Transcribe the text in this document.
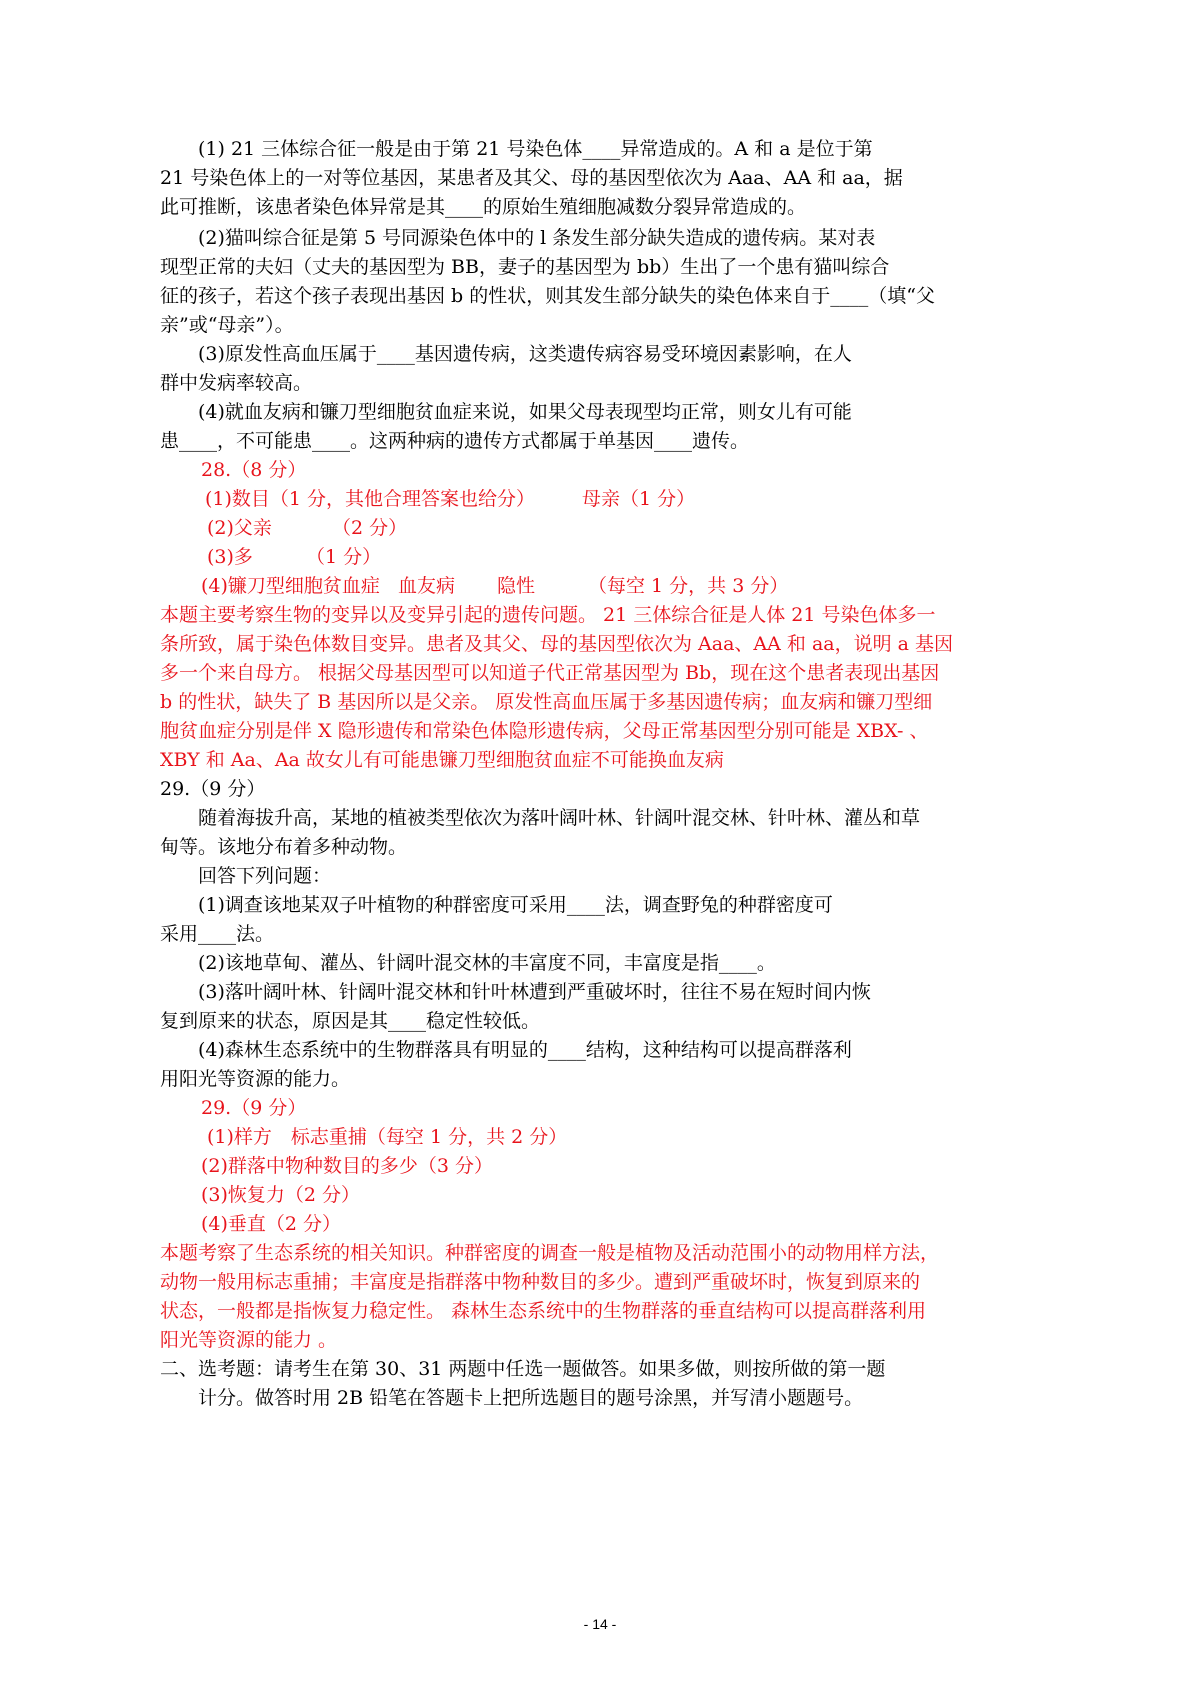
(1) 21 三体综合征一般是由于第 21 号染色体____异常造成的。A 和 a 是位于第
21 号染色体上的一对等位基因，某患者及其父、母的基因型依次为 Aaa、AA 和 aa，据
此可推断，该患者染色体异常是其____的原始生殖细胞减数分裂异常造成的。
(2)猫叫综合征是第 5 号同源染色体中的 l 条发生部分缺失造成的遗传病。某对表
现型正常的夫妇（丈夫的基因型为 BB，妻子的基因型为 bb）生出了一个患有猫叫综合
征的孩子，若这个孩子表现出基因 b 的性状，则其发生部分缺失的染色体来自于____（填“父
亲”或“母亲”）。
(3)原发性高血压属于____基因遗传病，这类遗传病容易受环境因素影响，在人
群中发病率较高。
(4)就血友病和镰刀型细胞贫血症来说，如果父母表现型均正常，则女儿有可能
患____，不可能患____。这两种病的遗传方式都属于单基因____遗传。
28.（8 分）
(1)数目（1 分，其他合理答案也给分） 母亲（1 分）
(2)父亲	（2 分）
(3)多	（1 分）
(4)镰刀型细胞贫血症 血友病 隐性	（每空 1 分，共 3 分）
本题主要考察生物的变异以及变异引起的遗传问题。 21 三体综合征是人体 21 号染色体多一
条所致，属于染色体数目变异。患者及其父、母的基因型依次为 Aaa、AA 和 aa，说明 a 基因
多一个来自母方。 根据父母基因型可以知道子代正常基因型为 Bb，现在这个患者表现出基因
b 的性状，缺失了 B 基因所以是父亲。 原发性高血压属于多基因遗传病；血友病和镰刀型细
胞贫血症分别是伴 X 隐形遗传和常染色体隐形遗传病，父母正常基因型分别可能是 XBX- 、
XBY 和 Aa、Aa 故女儿有可能患镰刀型细胞贫血症不可能换血友病
29.（9 分）
随着海拔升高，某地的植被类型依次为落叶阔叶林、针阔叶混交林、针叶林、灌丛和草
甸等。该地分布着多种动物。
回答下列问题：
(1)调查该地某双子叶植物的种群密度可采用____法，调查野兔的种群密度可
采用____法。
(2)该地草甸、灌丛、针阔叶混交林的丰富度不同，丰富度是指____。
(3)落叶阔叶林、针阔叶混交林和针叶林遭到严重破坏时，往往不易在短时间内恢
复到原来的状态，原因是其____稳定性较低。
(4)森林生态系统中的生物群落具有明显的____结构，这种结构可以提高群落利
用阳光等资源的能力。
29.（9 分）
(1)样方　标志重捕（每空 1 分，共 2 分）
(2)群落中物种数目的多少（3 分）
(3)恢复力（2 分）
(4)垂直（2 分）
本题考察了生态系统的相关知识。种群密度的调查一般是植物及活动范围小的动物用样方法，
动物一般用标志重捕；丰富度是指群落中物种数目的多少。遭到严重破坏时，恢复到原来的
状态，一般都是指恢复力稳定性。 森林生态系统中的生物群落的垂直结构可以提高群落利用
阳光等资源的能力 。
二、选考题：请考生在第 30、31 两题中任选一题做答。如果多做，则按所做的第一题
计分。做答时用 2B 铅笔在答题卡上把所选题目的题号涂黑，并写清小题题号。
- 14 -
